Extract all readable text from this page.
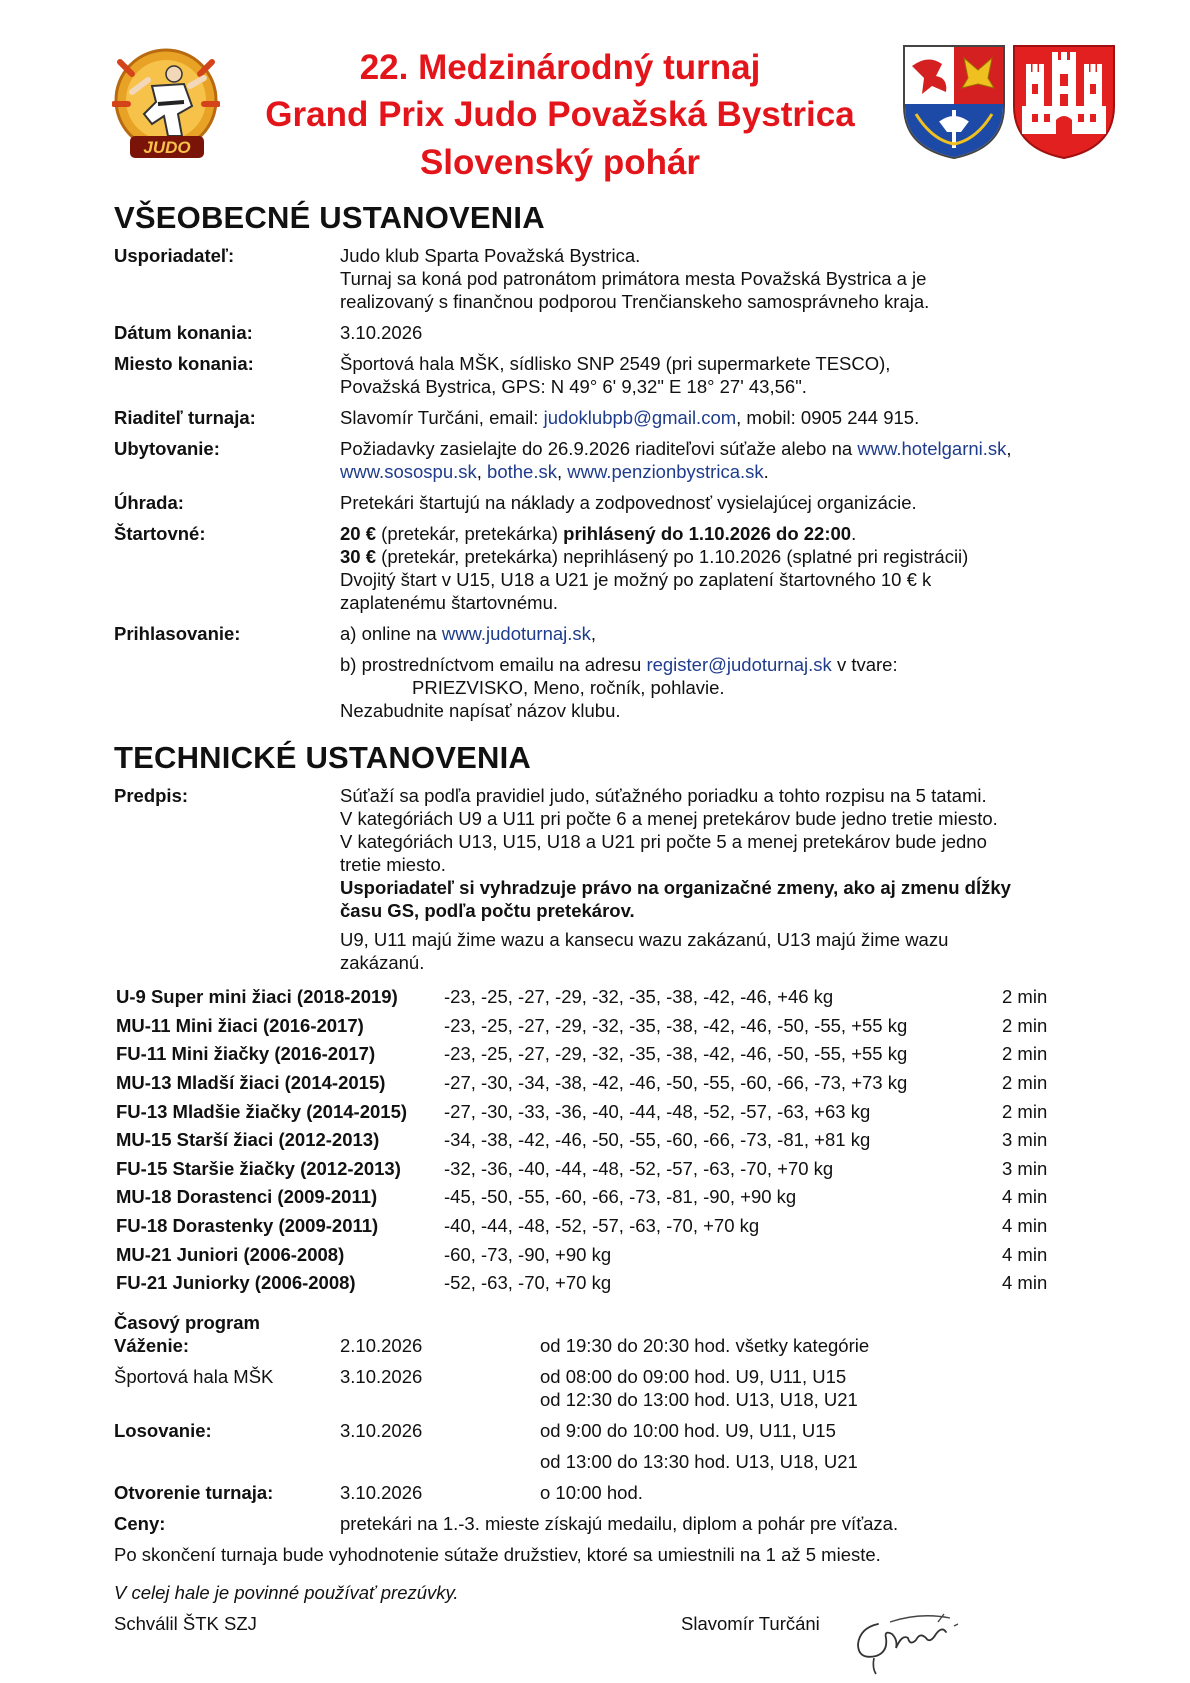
JUDO
22. Medzinárodný turnaj
Grand Prix Judo Považská Bystrica
Slovenský pohár
VŠEOBECNÉ USTANOVENIA
Usporiadateľ:	Judo klub Sparta Považská Bystrica.

Turnaj sa koná pod patronátom primátora mesta Považská Bystrica a je

realizovaný s finančnou podporou Trenčianskeho samosprávneho kraja.

Dátum konania:	3.10.2026

Miesto konania:	Športová hala MŠK, sídlisko SNP 2549 (pri supermarkete TESCO),

Považská Bystrica, GPS: N 49° 6' 9,32" E 18° 27' 43,56".

Riaditeľ turnaja:	Slavomír Turčáni, email: judoklubpb@gmail.com, mobil: 0905 244 915.

Ubytovanie:	Požiadavky zasielajte do 26.9.2026 riaditeľovi súťaže alebo na www.hotelgarni.sk,

www.sosospu.sk, bothe.sk, www.penzionbystrica.sk.

Úhrada:	Pretekári štartujú na náklady a zodpovednosť vysielajúcej organizácie.

Štartovné:	20 € (pretekár, pretekárka) prihlásený do 1.10.2026 do 22:00.

30 € (pretekár, pretekárka) neprihlásený po 1.10.2026 (splatné pri registrácii)

Dvojitý štart v U15, U18 a U21 je možný po zaplatení štartovného 10 € k

zaplatenému štartovnému.

Prihlasovanie:	a) online na www.judoturnaj.sk,

b) prostredníctvom emailu na adresu register@judoturnaj.sk v tvare:

PRIEZVISKO, Meno, ročník, pohlavie.

Nezabudnite napísať názov klubu.

TECHNICKÉ USTANOVENIA
Predpis:	Súťaží sa podľa pravidiel judo, súťažného poriadku a tohto rozpisu na 5 tatami.

V kategóriách U9 a U11 pri počte 6 a menej pretekárov bude jedno tretie miesto.

V kategóriách U13, U15, U18 a U21 pri počte 5 a menej pretekárov bude jedno

tretie miesto.

Usporiadateľ si vyhradzuje právo na organizačné zmeny, ako aj zmenu dĺžky

času GS, podľa počtu pretekárov.

U9, U11 majú žime wazu a kansecu wazu zakázanú, U13 majú žime wazu

zakázanú.

U-9 Super mini žiaci (2018-2019)	-23, -25, -27, -29, -32, -35, -38, -42, -46, +46 kg	2 min
MU-11 Mini žiaci (2016-2017)	-23, -25, -27, -29, -32, -35, -38, -42, -46, -50, -55, +55 kg	2 min
FU-11 Mini žiačky (2016-2017)	-23, -25, -27, -29, -32, -35, -38, -42, -46, -50, -55, +55 kg	2 min
MU-13 Mladší žiaci (2014-2015)	-27, -30, -34, -38, -42, -46, -50, -55, -60, -66, -73, +73 kg	2 min
FU-13 Mladšie žiačky (2014-2015)	-27, -30, -33, -36, -40, -44, -48, -52, -57, -63, +63 kg	2 min
MU-15 Starší žiaci (2012-2013)	-34, -38, -42, -46, -50, -55, -60, -66, -73, -81, +81 kg	3 min
FU-15 Staršie žiačky (2012-2013)	-32, -36, -40, -44, -48, -52, -57, -63, -70, +70 kg	3 min
MU-18 Dorastenci (2009-2011)	-45, -50, -55, -60, -66, -73, -81, -90, +90 kg	4 min
FU-18 Dorastenky (2009-2011)	-40, -44, -48, -52, -57, -63, -70, +70 kg	4 min
MU-21 Juniori (2006-2008)	-60, -73, -90, +90 kg	4 min
FU-21 Juniorky (2006-2008)	-52, -63, -70, +70 kg	4 min
Časový program
Váženie:	2.10.2026	od 19:30 do 20:30 hod. všetky kategórie
Športová hala MŠK	3.10.2026	od 08:00 do 09:00 hod. U9, U11, U15
od 12:30 do 13:00 hod. U13, U18, U21
Losovanie:	3.10.2026	od 9:00 do 10:00 hod. U9, U11, U15
od 13:00 do 13:30 hod. U13, U18, U21
Otvorenie turnaja:	3.10.2026	o 10:00 hod.
Ceny:	pretekári na 1.-3. mieste získajú medailu, diplom a pohár pre víťaza.
Po skončení turnaja bude vyhodnotenie sútaže družstiev, ktoré sa umiestnili na 1 až 5 mieste.
V celej hale je povinné používať prezúvky.
Schválil ŠTK SZJ	Slavomír Turčáni
